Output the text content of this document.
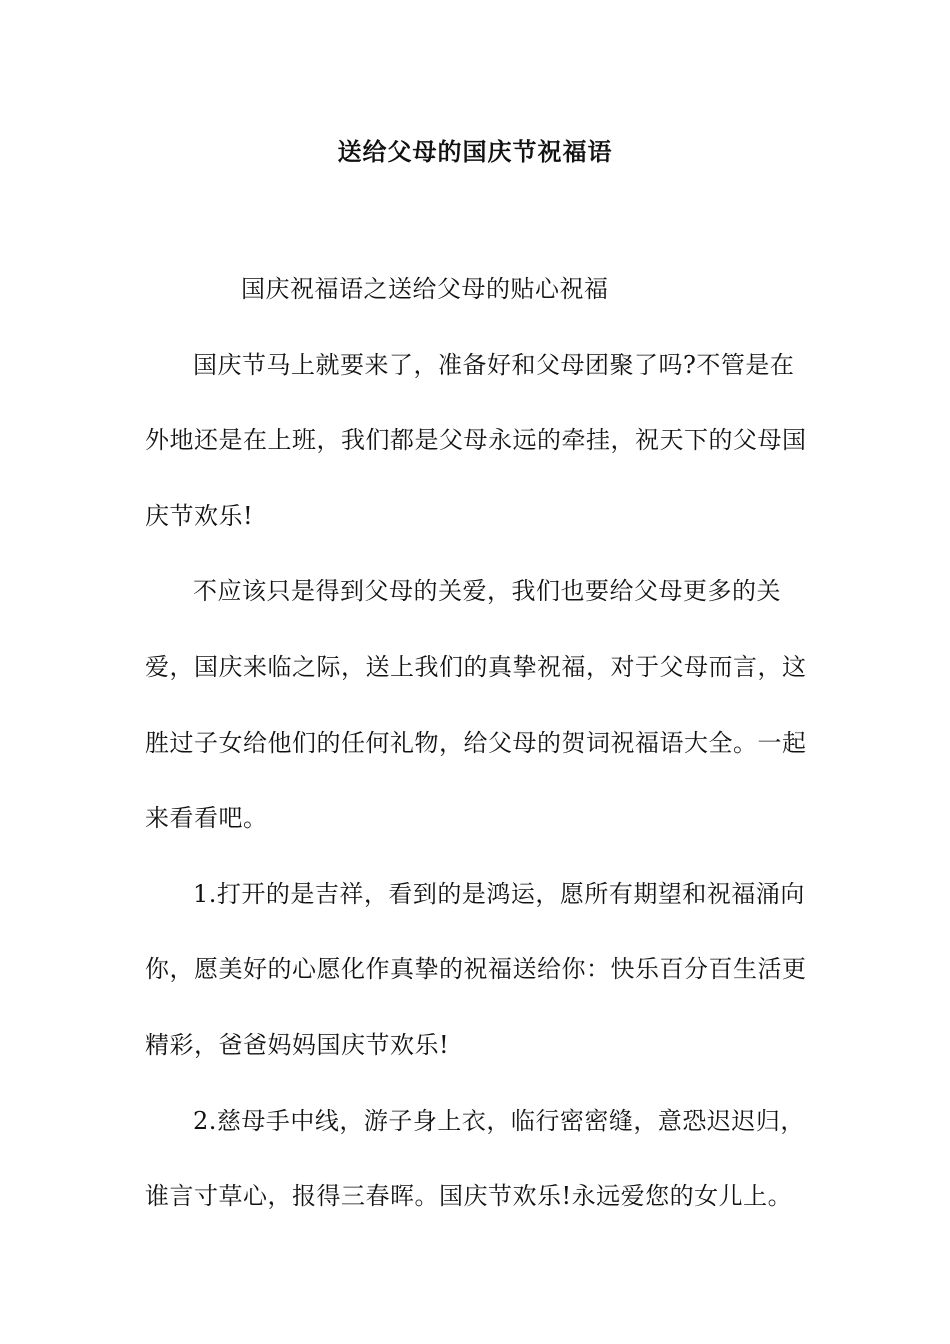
送给父母的国庆节祝福语

国庆祝福语之送给父母的贴心祝福

国庆节马上就要来了，准备好和父母团聚了吗?不管是在外地还是在上班，我们都是父母永远的牵挂，祝天下的父母国庆节欢乐!

不应该只是得到父母的关爱，我们也要给父母更多的关爱，国庆来临之际，送上我们的真挚祝福，对于父母而言，这胜过子女给他们的任何礼物，给父母的贺词祝福语大全。一起来看看吧。

1.打开的是吉祥，看到的是鸿运，愿所有期望和祝福涌向你，愿美好的心愿化作真挚的祝福送给你：快乐百分百生活更精彩，爸爸妈妈国庆节欢乐!

2.慈母手中线，游子身上衣，临行密密缝，意恐迟迟归，谁言寸草心，报得三春晖。国庆节欢乐!永远爱您的女儿上。
